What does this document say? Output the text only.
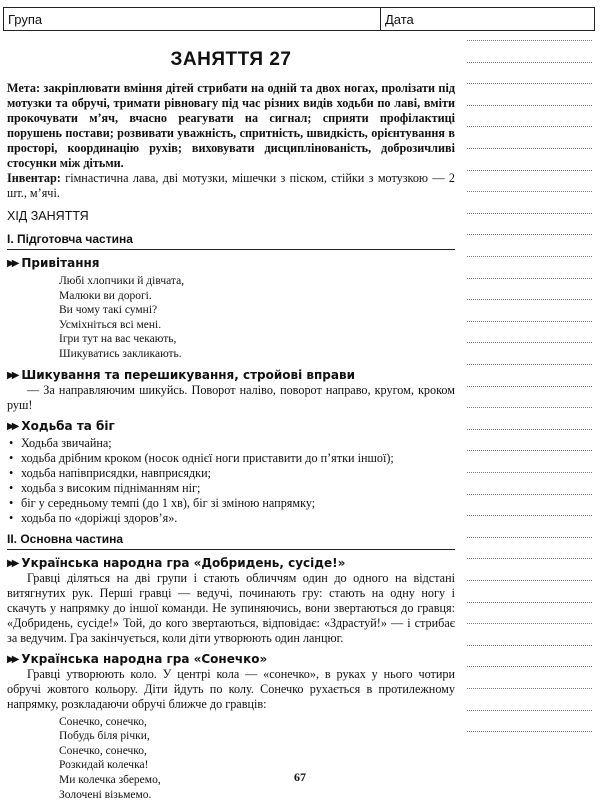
Група	Дата
ЗАНЯТТЯ 27

Мета: закріплювати вміння дітей стрибати на одній та двох ногах, пролізати під мотузки та обручі, тримати рівновагу під час різних видів ходьби по лаві, вміти прокочувати м’яч, вчасно реагувати на сигнал; сприяти профілактиці порушень постави; розвивати уважність, спритність, швидкість, орієнтування в просторі, координацію рухів; виховувати дисциплінованість, доброзичливі стосунки між дітьми.

Інвентар: гімнастична лава, дві мотузки, мішечки з піском, стійки з мотузкою — 2 шт., м’ячі.

ХІД ЗАНЯТТЯ
I. Підготовча частина
▶▶ Привітання
Любі хлопчики й дівчата,
Малюки ви дорогі.
Ви чому такі сумні?
Усміхніться всі мені.
Ігри тут на вас чекають,
Шикуватись закликають.
▶▶ Шикування та перешикування, стройові вправи

— За направляючим шикуйсь. Поворот наліво, поворот направо, кругом, кроком руш!

▶▶ Ходьба та біг
• Ходьба звичайна;
• ходьба дрібним кроком (носок однієї ноги приставити до п’ятки іншої);
• ходьба напівприсядки, навприсядки;
• ходьба з високим підніманням ніг;
• біг у середньому темпі (до 1 хв), біг зі зміною напрямку;
• ходьба по «доріжці здоров’я».
II. Основна частина
▶▶ Українська народна гра «Добридень, сусіде!»

Гравці діляться на дві групи і стають обличчям один до одного на відстані витягнутих рук. Перші гравці — ведучі, починають гру: стають на одну ногу і скачуть у напрямку до іншої команди. Не зупиняючись, вони звертаються до гравця: «Добридень, сусіде!» Той, до кого звертаються, відповідає: «Здрастуй!» — і стрибає за ведучим. Гра закінчується, коли діти утворюють один ланцюг.

▶▶ Українська народна гра «Сонечко»

Гравці утворюють коло. У центрі кола — «сонечко», в руках у нього чотири обручі жовтого кольору. Діти йдуть по колу. Сонечко рухається в протилежному напрямку, розкладаючи обручі ближче до гравців:

Сонечко, сонечко,
Побудь біля річки,
Сонечко, сонечко,
Розкидай колечка!
Ми колечка зберемо,
Золочені візьмемо.
67
